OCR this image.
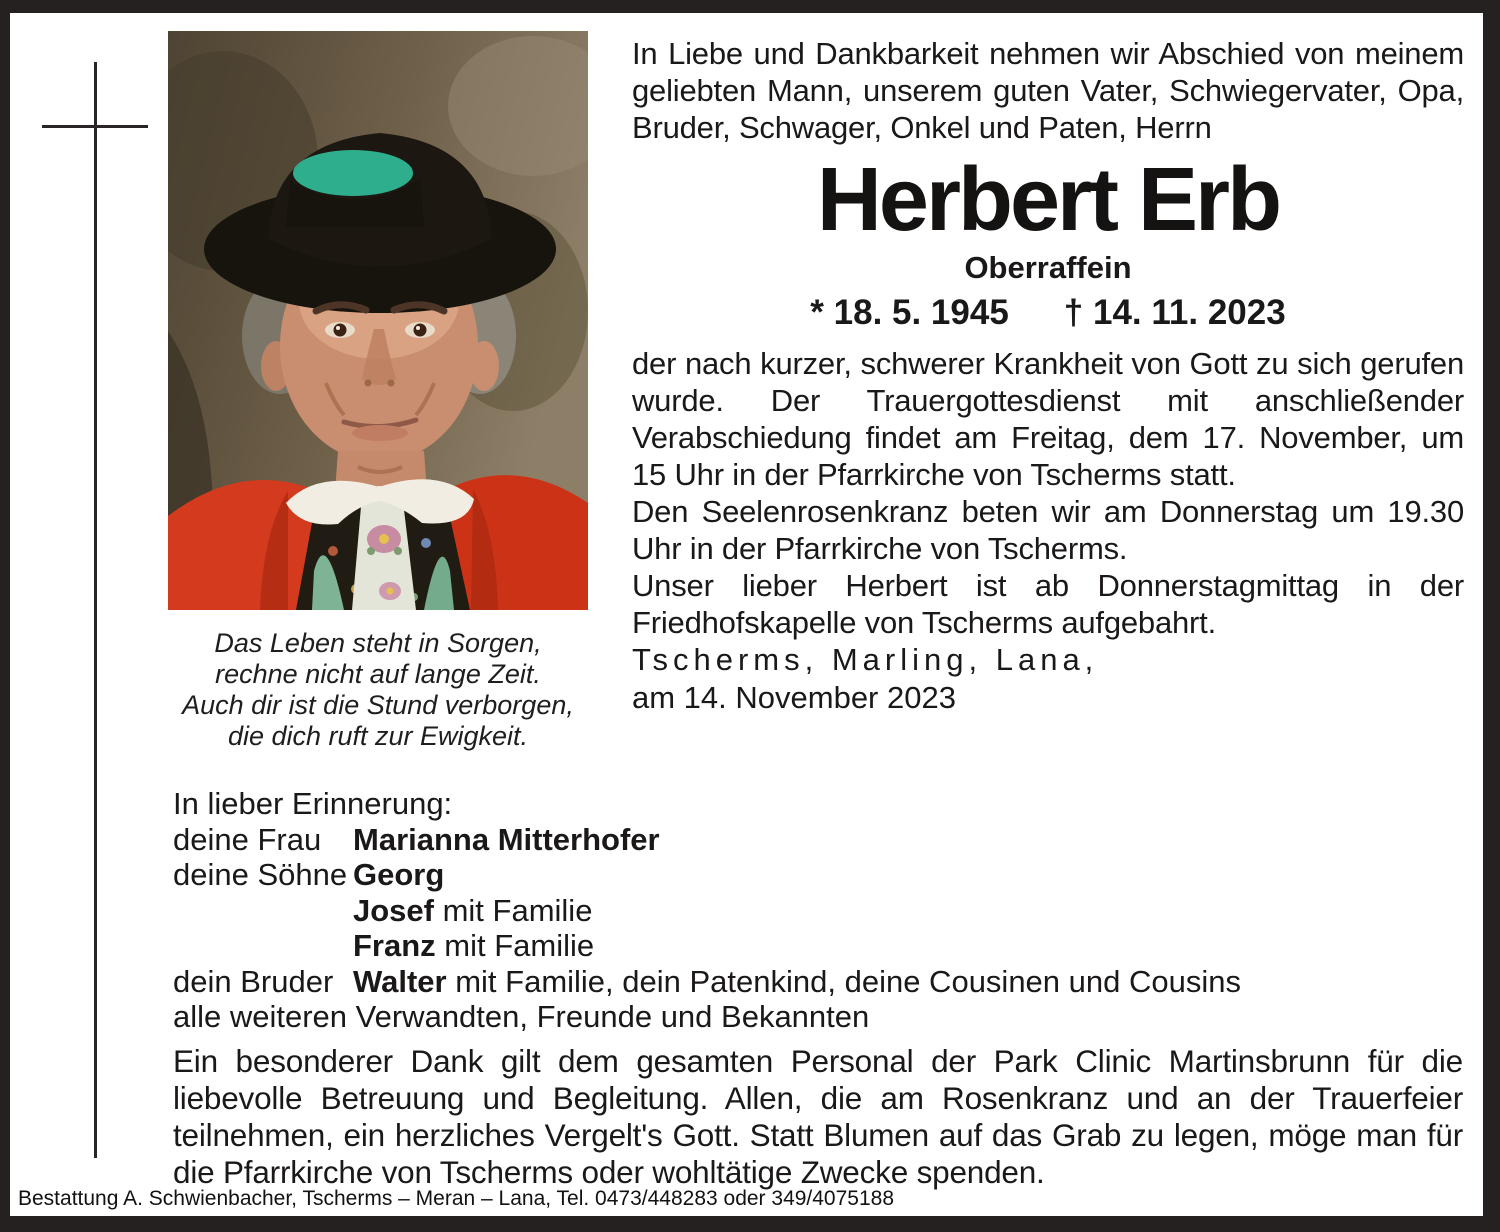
Das Leben steht in Sorgen,
rechne nicht auf lange Zeit.
Auch dir ist die Stund verborgen,
die dich ruft zur Ewigkeit.

In Liebe und Dankbarkeit nehmen wir Abschied von meinem geliebten Mann, unserem guten Vater, Schwiegervater, Opa, Bruder, Schwager, Onkel und Paten, Herrn

Herbert Erb
Oberraffein
* 18. 5. 1945 † 14. 11. 2023

der nach kurzer, schwerer Krankheit von Gott zu sich gerufen wurde. Der Trauergottesdienst mit anschließender Verabschiedung findet am Freitag, dem 17. November, um 15 Uhr in der Pfarrkirche von Tscherms statt.

Den Seelenrosenkranz beten wir am Donnerstag um 19.30 Uhr in der Pfarrkirche von Tscherms.

Unser lieber Herbert ist ab Donnerstagmittag in der Friedhofskapelle von Tscherms aufgebahrt.

Tscherms, Marling, Lana,

am 14. November 2023

In lieber Erinnerung:

deine Frau	Marianna Mitterhofer
deine Söhne Georg
Josef mit Familie
Franz mit Familie
dein Bruder Walter mit Familie, dein Patenkind, deine Cousinen und Cousins
alle weiteren Verwandten, Freunde und Bekannten

Ein besonderer Dank gilt dem gesamten Personal der Park Clinic Martinsbrunn für die liebevolle Betreuung und Begleitung. Allen, die am Rosenkranz und an der Trauerfeier teilnehmen, ein herzliches Vergelt's Gott. Statt Blumen auf das Grab zu legen, möge man für die Pfarrkirche von Tscherms oder wohltätige Zwecke spenden.

Bestattung A. Schwienbacher, Tscherms – Meran – Lana, Tel. 0473/448283 oder 349/4075188
